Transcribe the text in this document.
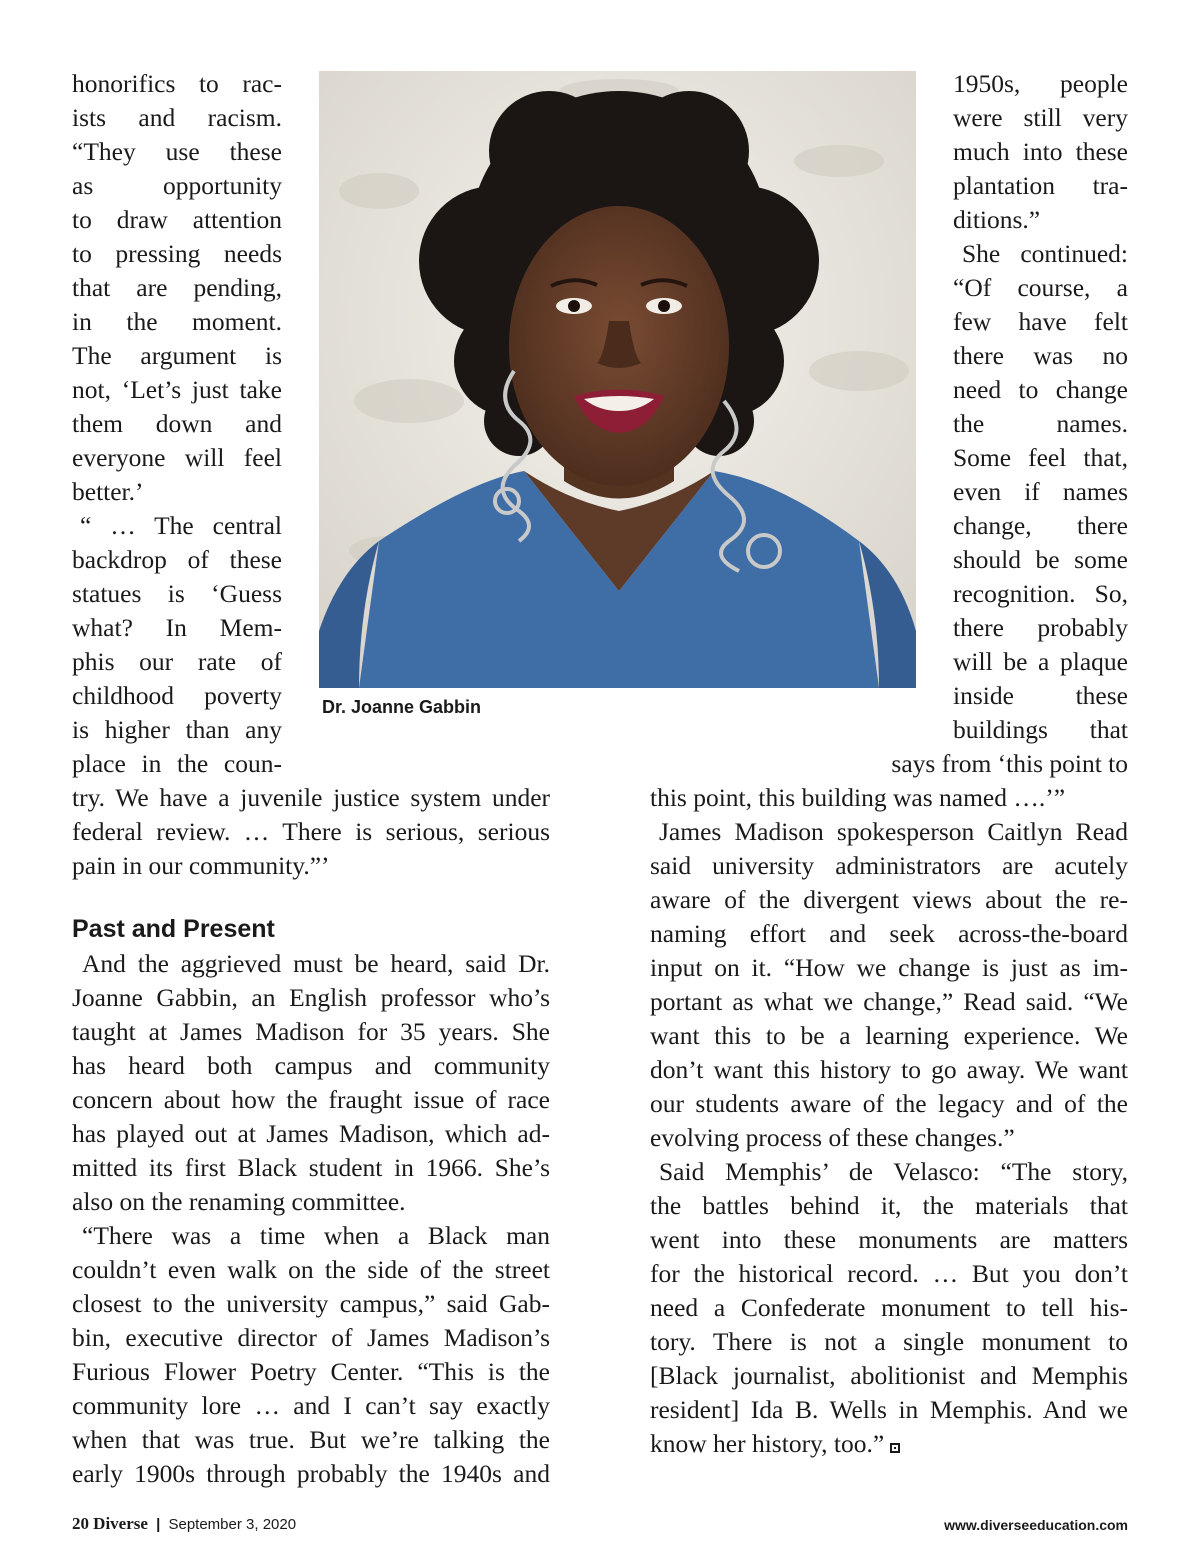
honorifics to rac-
ists and racism.
“They use these
as opportunity
to draw attention
to pressing needs
that are pending,
in the moment.
The argument is
not, ‘Let’s just take
them down and
everyone will feel
better.’
“ … The central
backdrop of these
statues is ‘Guess
what? In Mem-
phis our rate of
childhood poverty
is higher than any
place in the coun-
try. We have a juvenile justice system under
federal review. … There is serious, serious
pain in our community.”’
Past and Present
And the aggrieved must be heard, said Dr.
Joanne Gabbin, an English professor who’s
taught at James Madison for 35 years. She
has heard both campus and community
concern about how the fraught issue of race
has played out at James Madison, which ad-
mitted its first Black student in 1966. She’s
also on the renaming committee.
“There was a time when a Black man
couldn’t even walk on the side of the street
closest to the university campus,” said Gab-
bin, executive director of James Madison’s
Furious Flower Poetry Center. “This is the
community lore … and I can’t say exactly
when that was true. But we’re talking the
early 1900s through probably the 1940s and
Dr. Joanne Gabbin
1950s, people
were still very
much into these
plantation tra-
ditions.”
She continued:
“Of course, a
few have felt
there was no
need to change
the names.
Some feel that,
even if names
change, there
should be some
recognition. So,
there probably
will be a plaque
inside these
buildings that
says from ‘this point to
this point, this building was named ….’”
James Madison spokesperson Caitlyn Read
said university administrators are acutely
aware of the divergent views about the re-
naming effort and seek across-the-board
input on it. “How we change is just as im-
portant as what we change,” Read said. “We
want this to be a learning experience. We
don’t want this history to go away. We want
our students aware of the legacy and of the
evolving process of these changes.”
Said Memphis’ de Velasco: “The story,
the battles behind it, the materials that
went into these monuments are matters
for the historical record. … But you don’t
need a Confederate monument to tell his-
tory. There is not a single monument to
[Black journalist, abolitionist and Memphis
resident] Ida B. Wells in Memphis. And we
know her history, too.”
20 Diverse | September 3, 2020	www.diverseeducation.com
